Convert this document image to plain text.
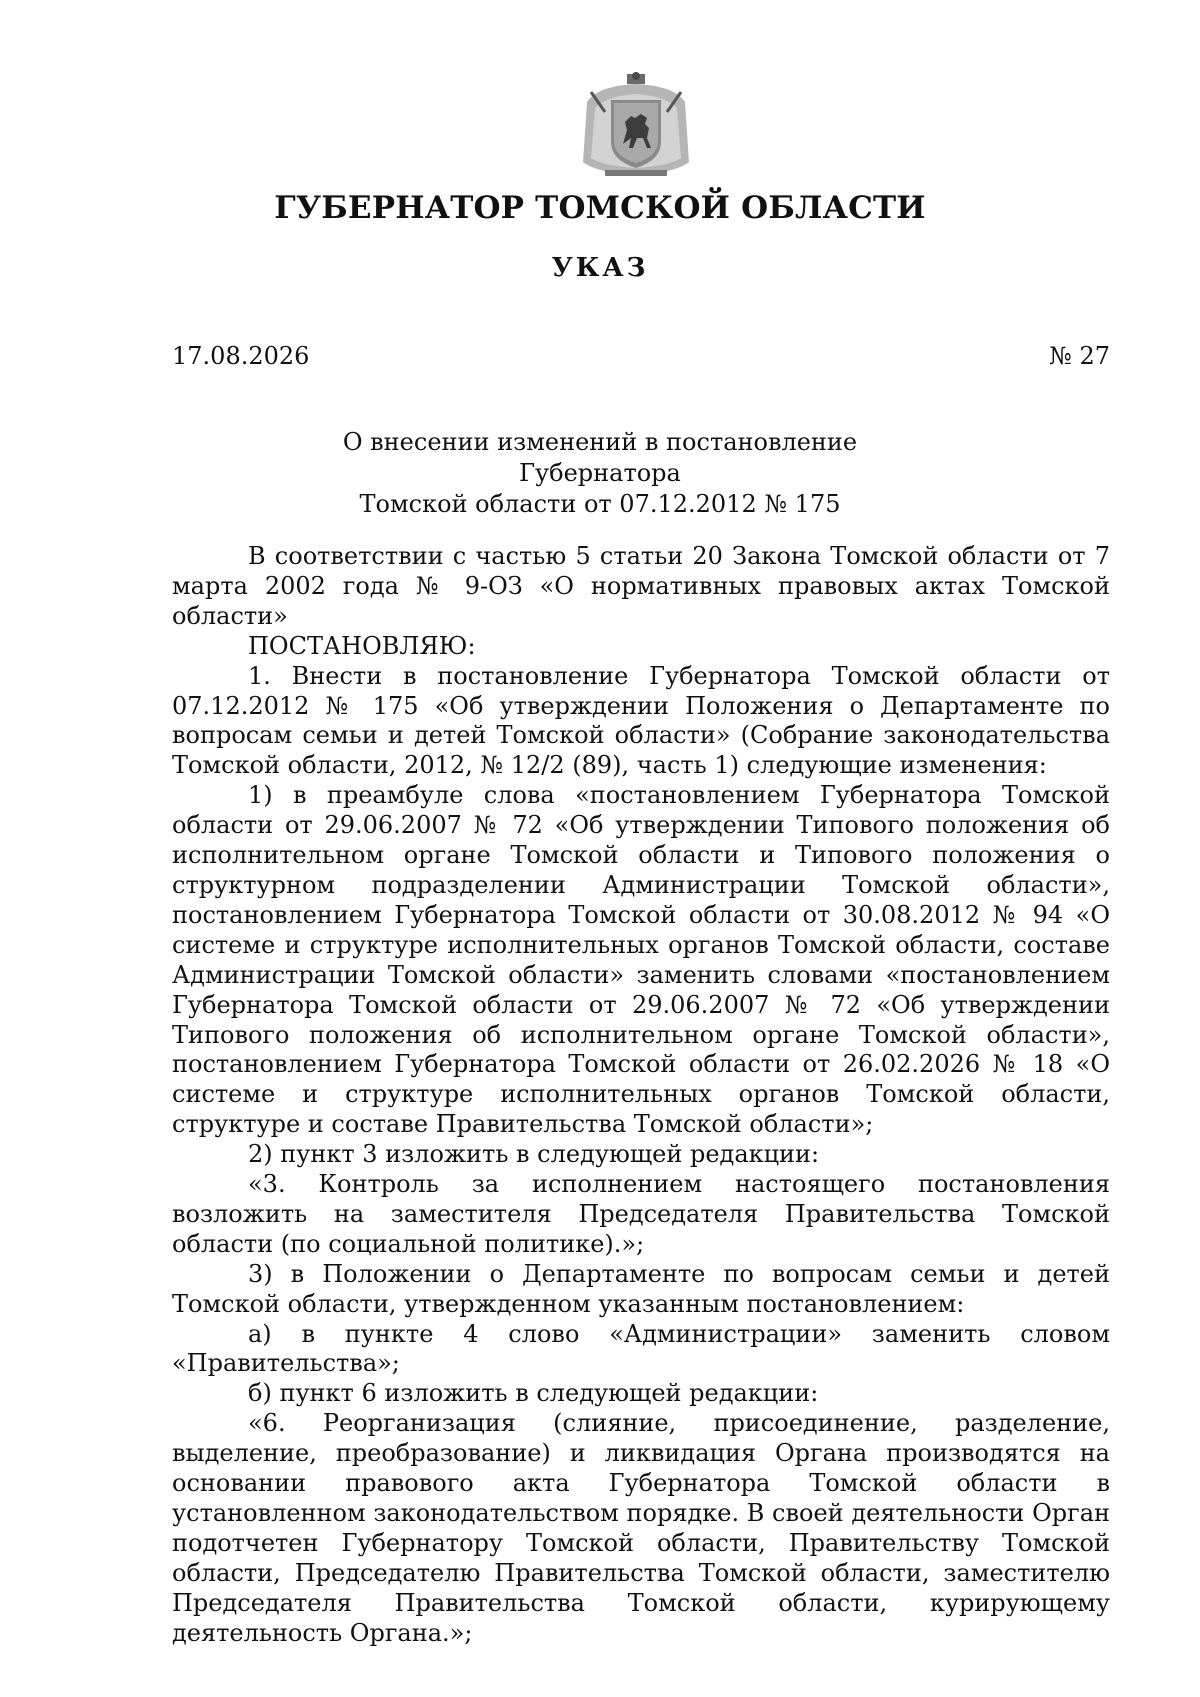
ГУБЕРНАТОР ТОМСКОЙ ОБЛАСТИ
УКАЗ
17.08.2026	№ 27
О внесении изменений в постановление Губернатора
Томской области от 07.12.2012 № 175

В соответствии с частью 5 статьи 20 Закона Томской области от 7 марта 2002 года № 9-ОЗ «О нормативных правовых актах Томской области»

ПОСТАНОВЛЯЮ:

1. Внести в постановление Губернатора Томской области от 07.12.2012 № 175 «Об утверждении Положения о Департаменте по вопросам семьи и детей Томской области» (Собрание законодательства Томской области, 2012, № 12/2 (89), часть 1) следующие изменения:

1) в преамбуле слова «постановлением Губернатора Томской области от 29.06.2007 № 72 «Об утверждении Типового положения об исполнительном органе Томской области и Типового положения о структурном подразделении Администрации Томской области», постановлением Губернатора Томской области от 30.08.2012 № 94 «О системе и структуре исполнительных органов Томской области, составе Администрации Томской области» заменить словами «постановлением Губернатора Томской области от 29.06.2007 № 72 «Об утверждении Типового положения об исполнительном органе Томской области», постановлением Губернатора Томской области от 26.02.2026 № 18 «О системе и структуре исполнительных органов Томской области, структуре и составе Правительства Томской области»;

2) пункт 3 изложить в следующей редакции:

«3. Контроль за исполнением настоящего постановления возложить на заместителя Председателя Правительства Томской области (по социальной политике).»;

3) в Положении о Департаменте по вопросам семьи и детей Томской области, утвержденном указанным постановлением:

а) в пункте 4 слово «Администрации» заменить словом «Правительства»;

б) пункт 6 изложить в следующей редакции:

«6. Реорганизация (слияние, присоединение, разделение, выделение, преобразование) и ликвидация Органа производятся на основании правового акта Губернатора Томской области в установленном законодательством порядке. В своей деятельности Орган подотчетен Губернатору Томской области, Правительству Томской области, Председателю Правительства Томской области, заместителю Председателя Правительства Томской области, курирующему деятельность Органа.»;
